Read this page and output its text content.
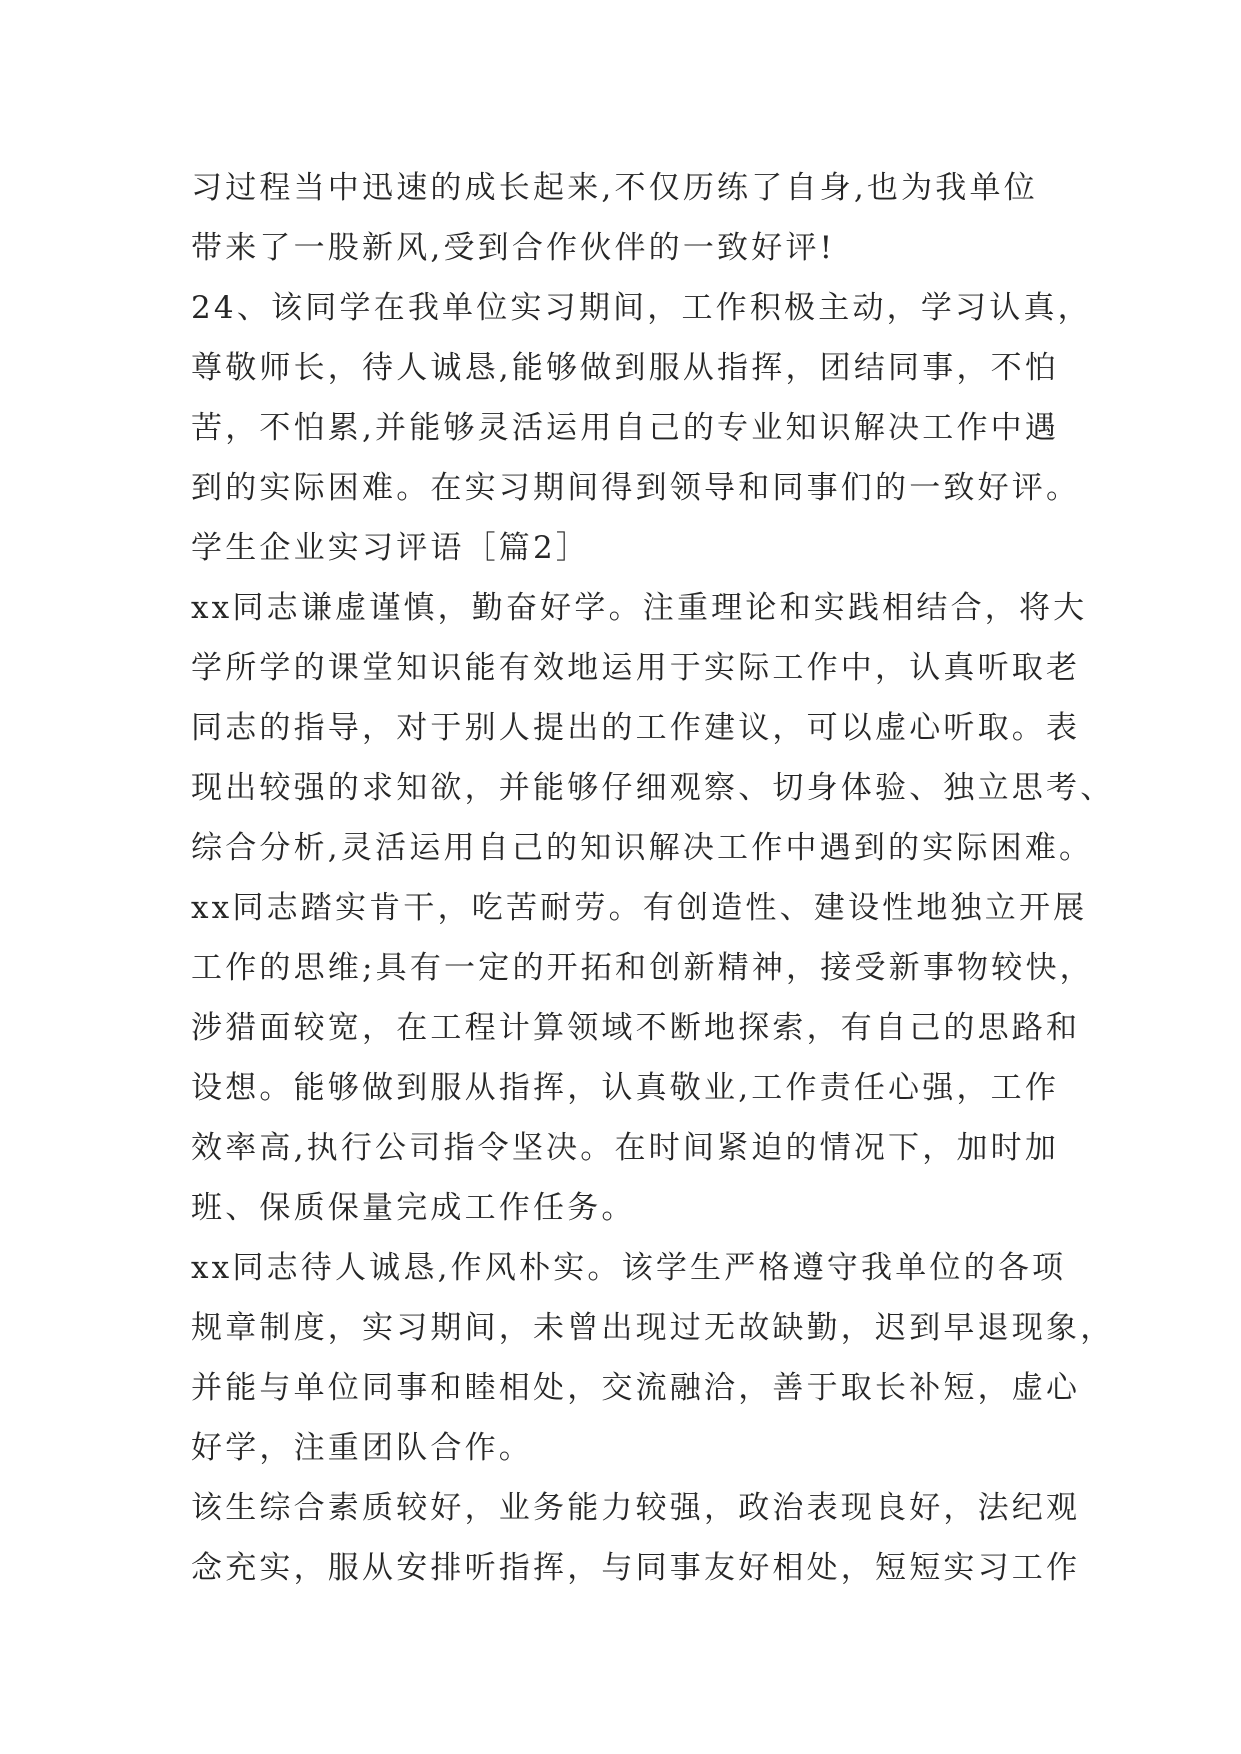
习过程当中迅速的成长起来,不仅历练了自身,也为我单位
带来了一股新风,受到合作伙伴的一致好评!
24、该同学在我单位实习期间，工作积极主动，学习认真，
尊敬师长，待人诚恳,能够做到服从指挥，团结同事，不怕
苦，不怕累,并能够灵活运用自己的专业知识解决工作中遇
到的实际困难。在实习期间得到领导和同事们的一致好评。
学生企业实习评语［篇2］
xx同志谦虚谨慎，勤奋好学。注重理论和实践相结合，将大
学所学的课堂知识能有效地运用于实际工作中，认真听取老
同志的指导，对于别人提出的工作建议，可以虚心听取。表
现出较强的求知欲，并能够仔细观察、切身体验、独立思考、
综合分析,灵活运用自己的知识解决工作中遇到的实际困难。
xx同志踏实肯干，吃苦耐劳。有创造性、建设性地独立开展
工作的思维;具有一定的开拓和创新精神，接受新事物较快，
涉猎面较宽，在工程计算领域不断地探索，有自己的思路和
设想。能够做到服从指挥，认真敬业,工作责任心强，工作
效率高,执行公司指令坚决。在时间紧迫的情况下，加时加
班、保质保量完成工作任务。
xx同志待人诚恳,作风朴实。该学生严格遵守我单位的各项
规章制度，实习期间，未曾出现过无故缺勤，迟到早退现象，
并能与单位同事和睦相处，交流融洽，善于取长补短，虚心
好学，注重团队合作。
该生综合素质较好，业务能力较强，政治表现良好，法纪观
念充实，服从安排听指挥，与同事友好相处，短短实习工作
